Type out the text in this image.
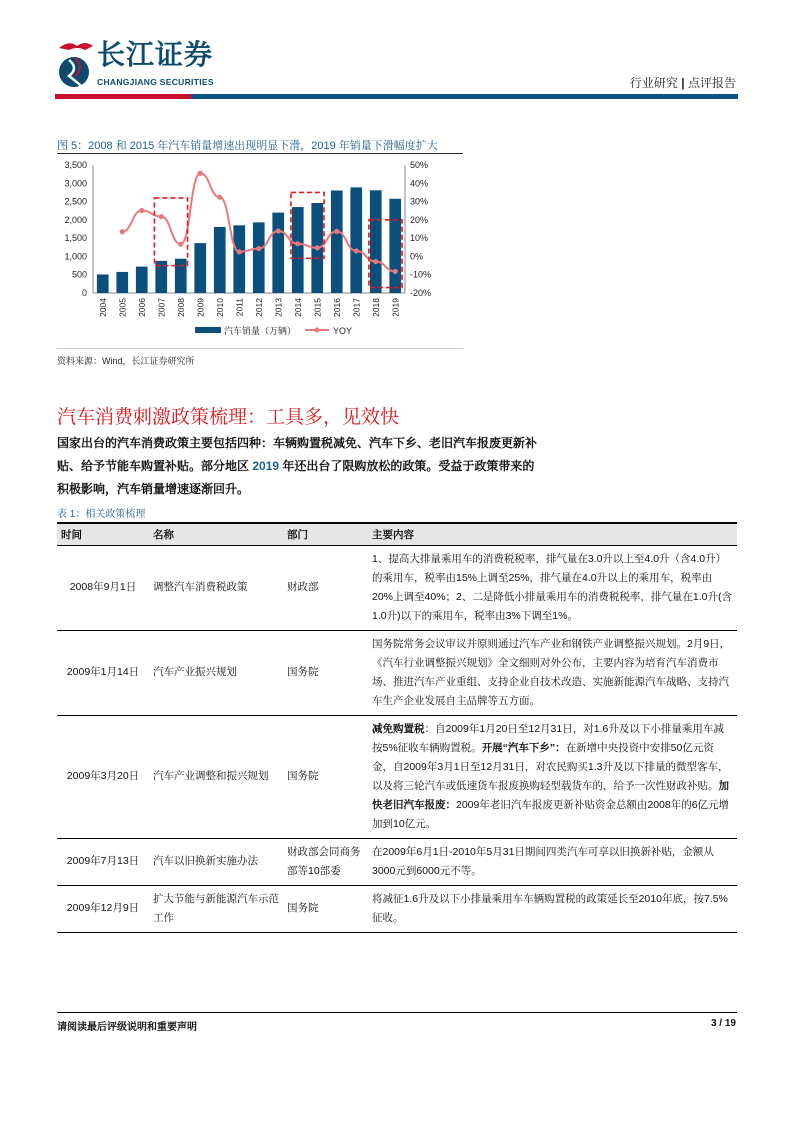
长江证券
CHANGJIANG SECURITIES	行业研究 | 点评报告
图 5：2008 和 2015 年汽车销量增速出现明显下滑，2019 年销量下滑幅度扩大
0
500
1,000
1,500
2,000
2,500
3,000
3,500
-20%
-10%
0%
10%
20%
30%
40%
50%
2004 2005 2006 2007 2008 2009 2010 2011 2012 2013 2014 2015 2016 2017 2018 2019
汽车销量（万辆）	YOY
资料来源：Wind，长江证券研究所
汽车消费刺激政策梳理：工具多，见效快
国家出台的汽车消费政策主要包括四种：车辆购置税减免、汽车下乡、老旧汽车报废更新补贴、给予节能车购置补贴。部分地区 2019 年还出台了限购放松的政策。受益于政策带来的积极影响，汽车销量增速逐渐回升。
表 1：相关政策梳理
时间	名称	部门	主要内容
2008年9月1日	调整汽车消费税政策	财政部	1、提高大排量乘用车的消费税税率，排气量在3.0升以上至4.0升（含4.0升）的乘用车，税率由15%上调至25%，排气量在4.0升以上的乘用车，税率由20%上调至40%；2、二是降低小排量乘用车的消费税税率，排气量在1.0升(含1.0升)以下的乘用车，税率由3%下调至1%。
2009年1月14日	汽车产业振兴规划	国务院	国务院常务会议审议并原则通过汽车产业和钢铁产业调整振兴规划。2月9日，《汽车行业调整振兴规划》全文细则对外公布，主要内容为培育汽车消费市场、推进汽车产业重组、支持企业自技术改造、实施新能源汽车战略、支持汽车生产企业发展自主品牌等五方面。
2009年3月20日	汽车产业调整和振兴规划	国务院	减免购置税：自2009年1月20日至12月31日，对1.6升及以下小排量乘用车减按5%征收车辆购置税。开展“汽车下乡”：在新增中央投资中安排50亿元资金，自2009年3月1日至12月31日，对农民购买1.3升及以下排量的微型客车，以及将三轮汽车或低速货车报废换购轻型载货车的，给予一次性财政补贴。加快老旧汽车报废：2009年老旧汽车报废更新补贴资金总额由2008年的6亿元增加到10亿元。
2009年7月13日	汽车以旧换新实施办法	财政部会同商务部等10部委	在2009年6月1日-2010年5月31日期间四类汽车可享以旧换新补贴，金额从3000元到6000元不等。
2009年12月9日	扩大节能与新能源汽车示范工作	国务院	将减征1.6升及以下小排量乘用车车辆购置税的政策延长至2010年底，按7.5%征收。
请阅读最后评级说明和重要声明	3 / 19
